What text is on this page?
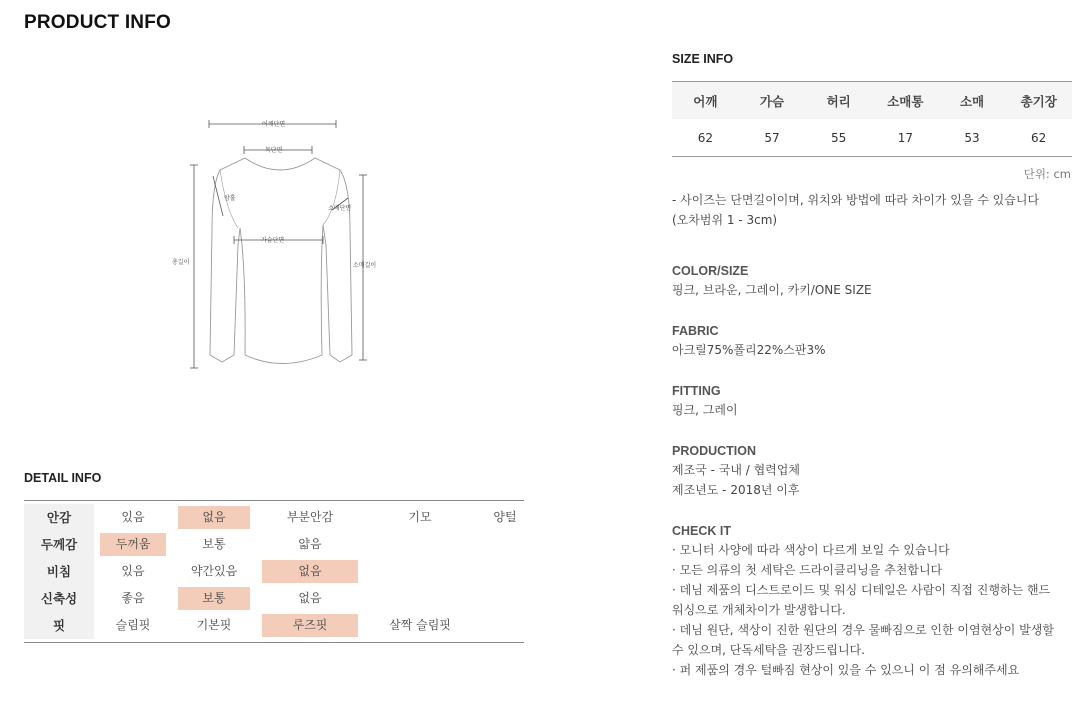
PRODUCT INFO
어깨단면
목단면
암홀
소매단면
가슴단면
총길이	소매길이
DETAIL INFO
안감	있음	없음	부분안감	기모	양털
두께감	두꺼움	보통	얇음
비침	있음	약간있음	없음
신축성	좋음	보통	없음
핏	슬림핏	기본핏	루즈핏	살짝 슬림핏
SIZE INFO
어깨	가슴	허리	소매통	소매	총기장
62	57	55	17	53	62
단위: cm
- 사이즈는 단면길이이며, 위치와 방법에 따라 차이가 있을 수 있습니다
(오차범위 1 - 3cm)
COLOR/SIZE
핑크, 브라운, 그레이, 카키/ONE SIZE
FABRIC
아크릴75%폴리22%스판3%
FITTING
핑크, 그레이
PRODUCTION
제조국 - 국내 / 협력업체
제조년도 - 2018년 이후
CHECK IT
· 모니터 사양에 따라 색상이 다르게 보일 수 있습니다
· 모든 의류의 첫 세탁은 드라이클리닝을 추천합니다
· 데님 제품의 디스트로이드 및 워싱 디테일은 사람이 직접 진행하는 핸드
워싱으로 개체차이가 발생합니다.
· 데님 원단, 색상이 진한 원단의 경우 물빠짐으로 인한 이염현상이 발생할
수 있으며, 단독세탁을 권장드립니다.
· 퍼 제품의 경우 털빠짐 현상이 있을 수 있으니 이 점 유의해주세요
